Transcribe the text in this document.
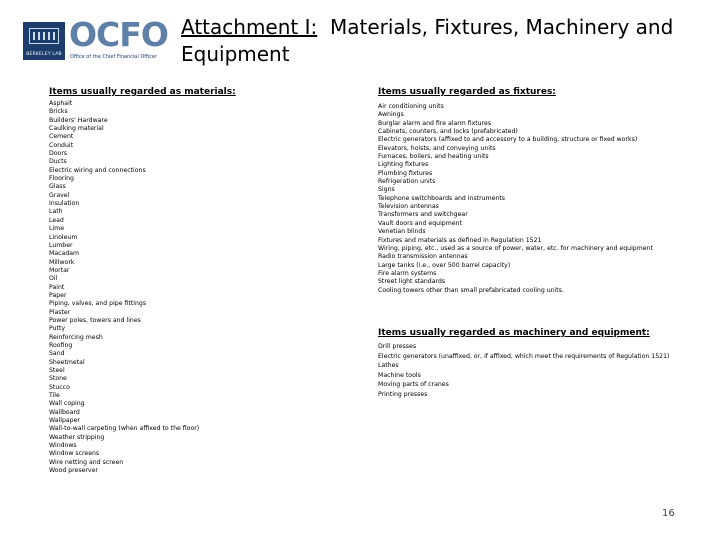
BERKELEY LAB
OCFO
Office of the Chief Financial Officer
Attachment I: Materials, Fixtures, Machinery and Equipment
Items usually regarded as materials:
Asphalt
Bricks
Builders' Hardware
Caulking material
Cement
Conduit
Doors
Ducts
Electric wiring and connections
Flooring
Glass
Gravel
Insulation
Lath
Lead
Lime
Linoleum
Lumber
Macadam
Millwork
Mortar
Oil
Paint
Paper
Piping, valves, and pipe fittings
Plaster
Power poles, towers and lines
Putty
Reinforcing mesh
Roofing
Sand
Sheetmetal
Steel
Stone
Stucco
Tile
Wall coping
Wallboard
Wallpaper
Wall-to-wall carpeting (when affixed to the floor)
Weather stripping
Windows
Window screens
Wire netting and screen
Wood preserver
Items usually regarded as fixtures:
Air conditioning units
Awnings
Burglar alarm and fire alarm fixtures
Cabinets, counters, and locks (prefabricated)
Electric generators (affixed to and accessory to a building, structure or fixed works)
Elevators, hoists, and conveying units
Furnaces, boilers, and heating units
Lighting fixtures
Plumbing fixtures
Refrigeration units
Signs
Telephone switchboards and instruments
Television antennas
Transformers and switchgear
Vault doors and equipment
Venetian blinds
Fixtures and materials as defined in Regulation 1521
Wiring, piping, etc., used as a source of power, water, etc. for machinery and equipment
Radio transmission antennas
Large tanks (i.e., over 500 barrel capacity)
Fire alarm systems
Street light standards
Cooling towers other than small prefabricated cooling units.
Items usually regarded as machinery and equipment:
Drill presses
Electric generators (unaffixed, or, if affixed, which meet the requirements of Regulation 1521)
Lathes
Machine tools
Moving parts of cranes
Printing presses
16
